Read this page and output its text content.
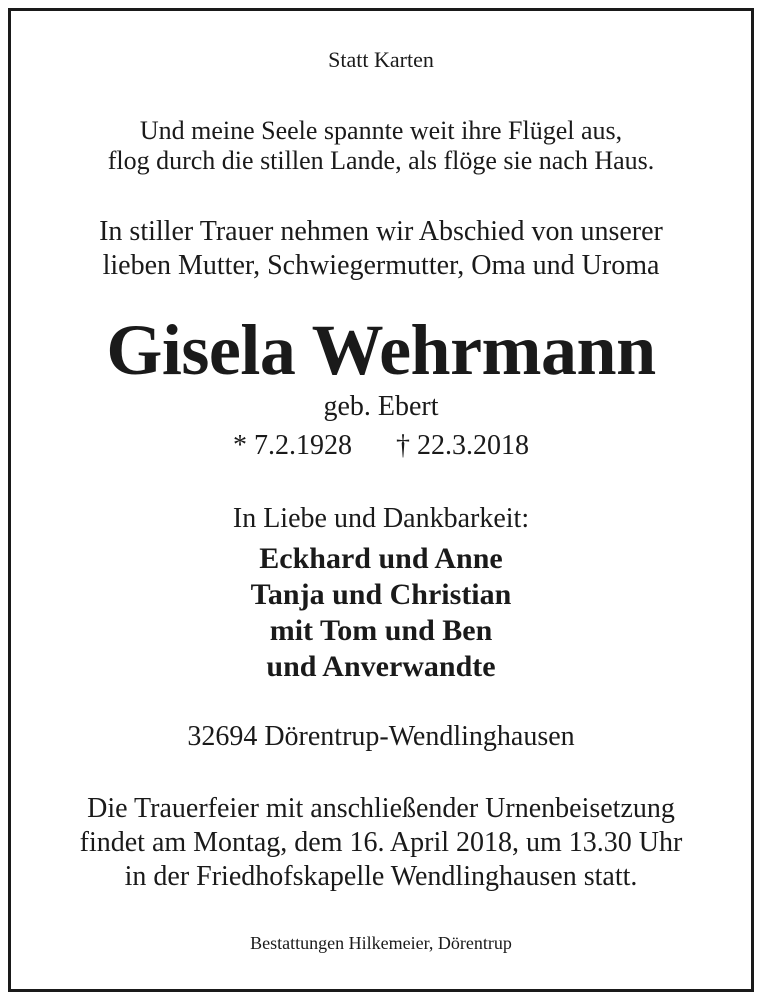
Statt Karten
Und meine Seele spannte weit ihre Flügel aus,
flog durch die stillen Lande, als flöge sie nach Haus.
In stiller Trauer nehmen wir Abschied von unserer
lieben Mutter, Schwiegermutter, Oma und Uroma
Gisela Wehrmann
geb. Ebert
* 7.2.1928 † 22.3.2018
In Liebe und Dankbarkeit:
Eckhard und Anne
Tanja und Christian
mit Tom und Ben
und Anverwandte
32694 Dörentrup-Wendlinghausen
Die Trauerfeier mit anschließender Urnenbeisetzung
findet am Montag, dem 16. April 2018, um 13.30 Uhr
in der Friedhofskapelle Wendlinghausen statt.
Bestattungen Hilkemeier, Dörentrup
